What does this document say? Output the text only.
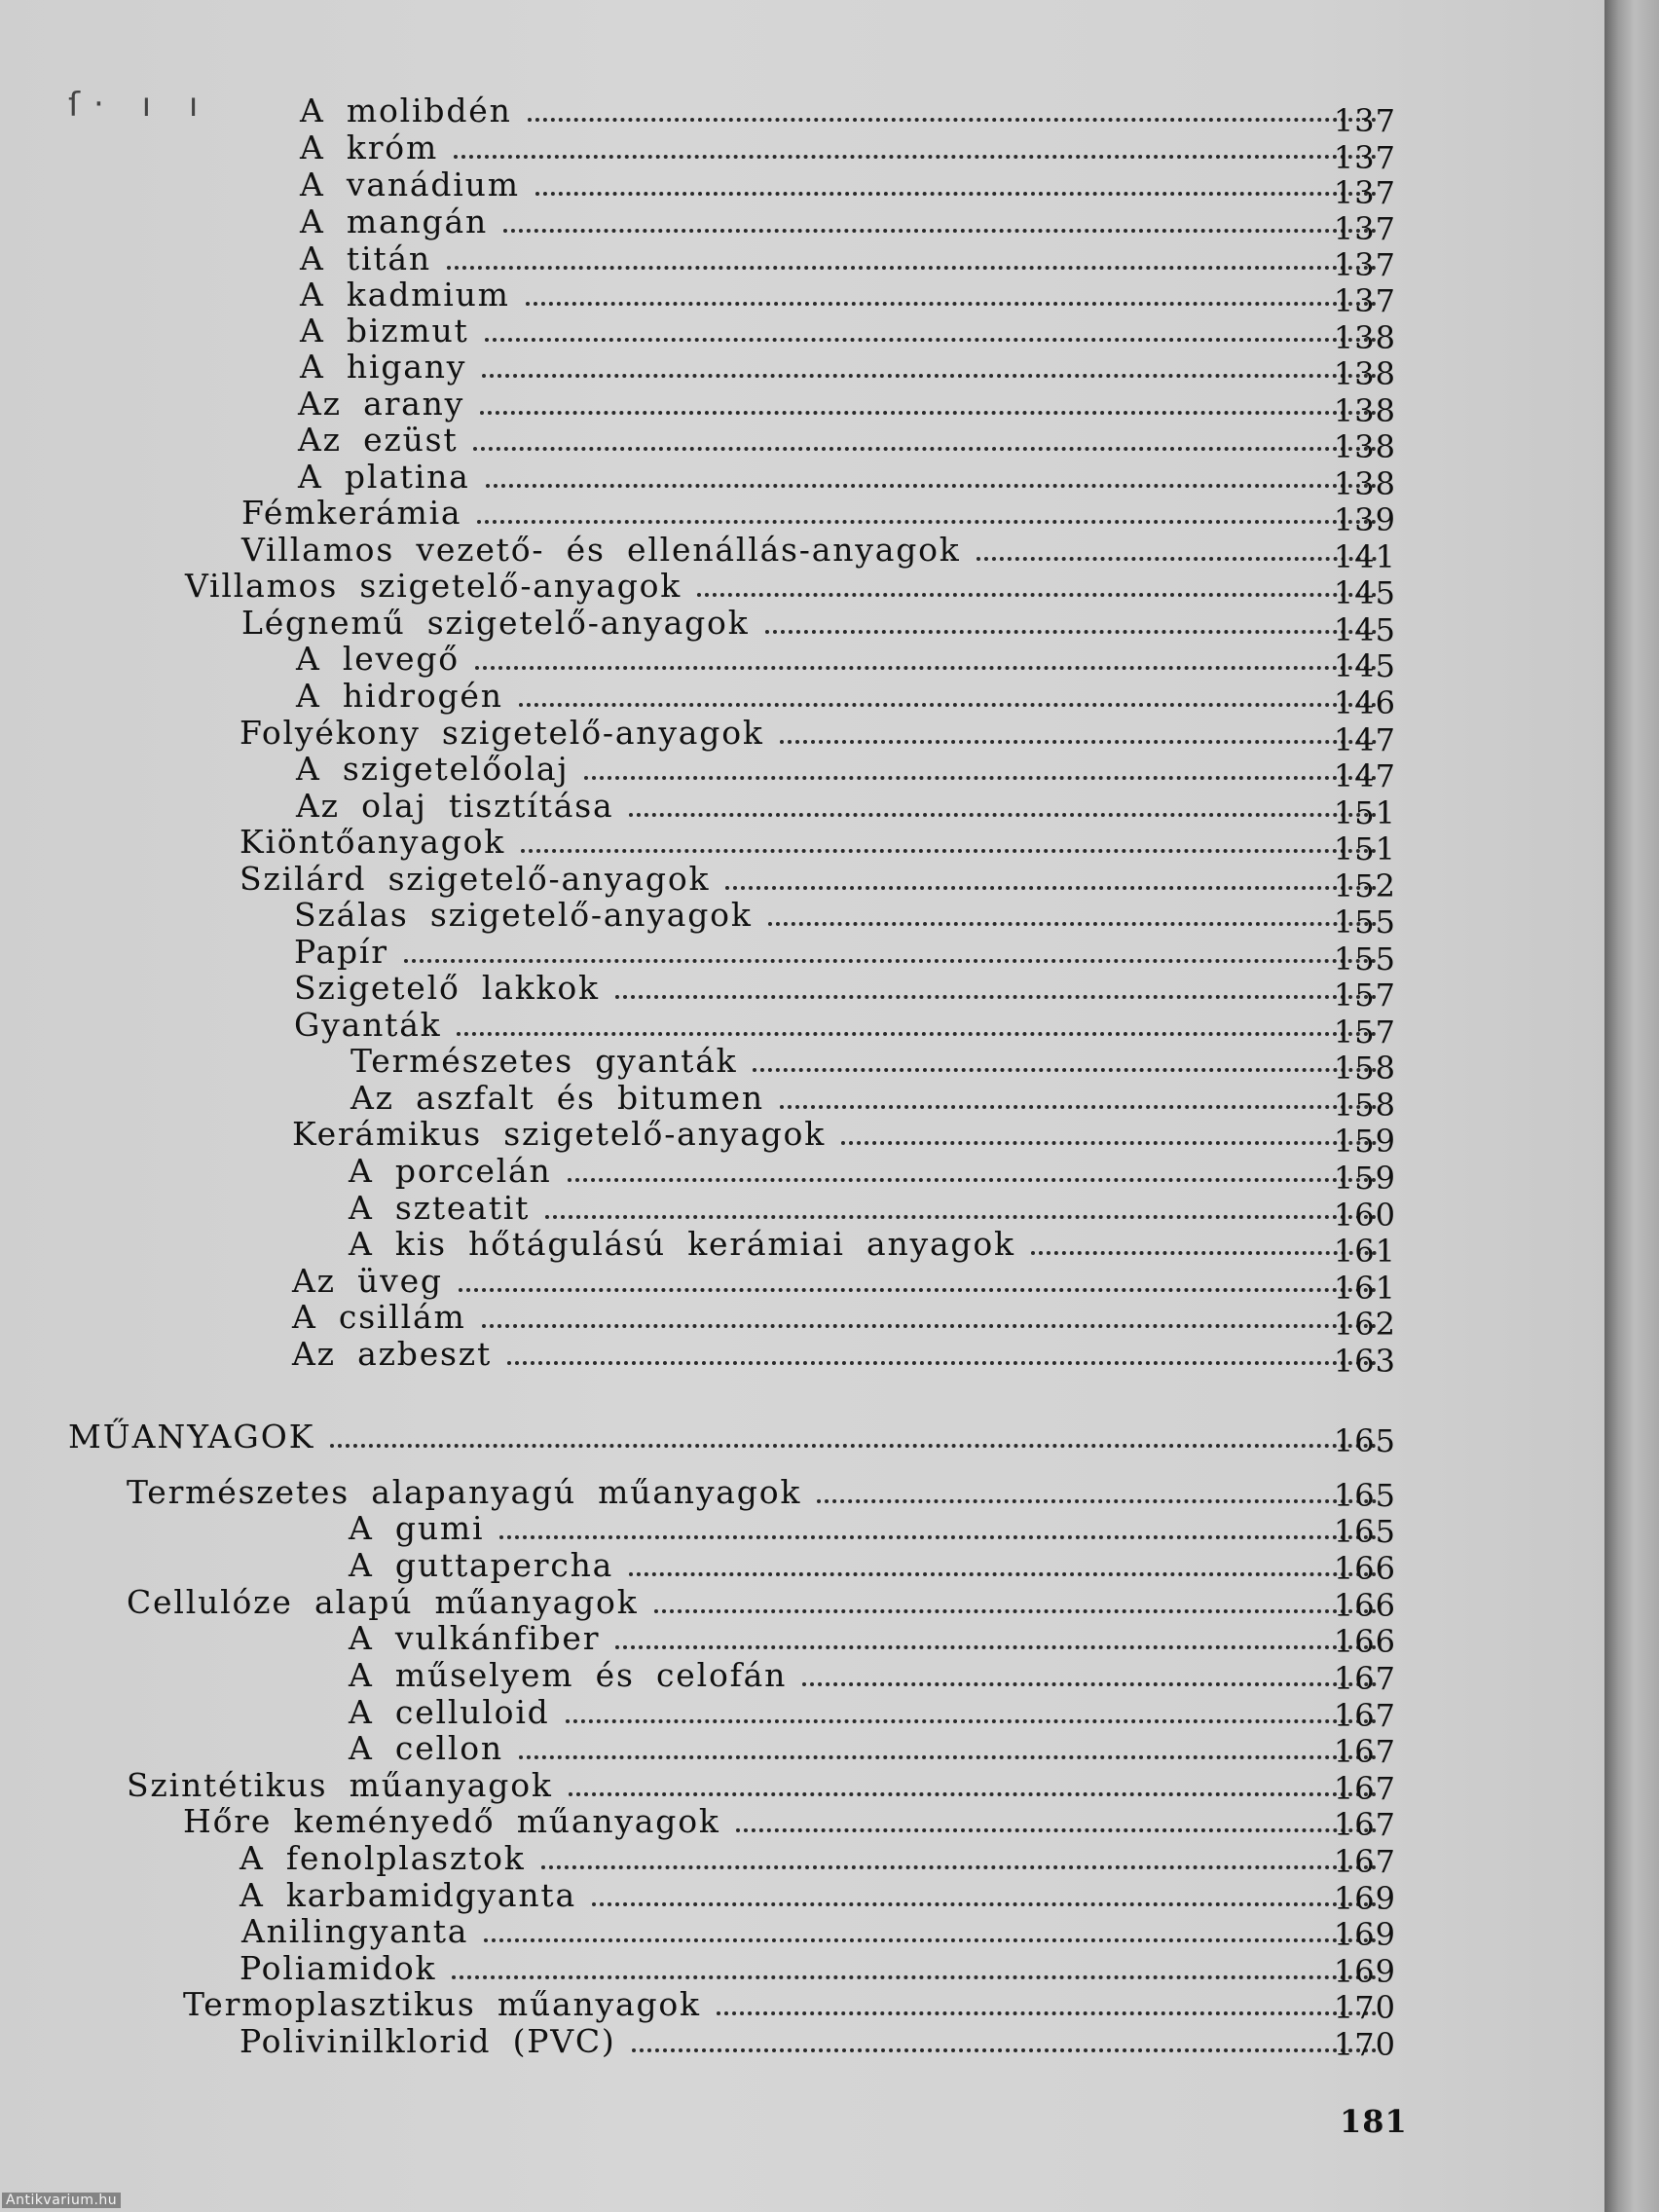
ſ‧ ı ı	A molibdén	137
A króm	137
A vanádium	137
A mangán	137
A titán	137
A kadmium	137
A bizmut	138
A higany	138
Az arany	138
Az ezüst	138
A platina	138
Fémkerámia	139
Villamos vezető- és ellenállás-anyagok	141
Villamos szigetelő-anyagok	145
Légnemű szigetelő-anyagok	145
A levegő	145
A hidrogén	146
Folyékony szigetelő-anyagok	147
A szigetelőolaj	147
Az olaj tisztítása	151
Kiöntőanyagok	151
Szilárd szigetelő-anyagok	152
Szálas szigetelő-anyagok	155
Papír	155
Szigetelő lakkok	157
Gyanták	157
Természetes gyanták	158
Az aszfalt és bitumen	158
Kerámikus szigetelő-anyagok	159
A porcelán	159
A szteatit	160
A kis hőtágulású kerámiai anyagok	161
Az üveg	161
A csillám	162
Az azbeszt	163
MŰANYAGOK	165
Természetes alapanyagú műanyagok	165
A gumi	165
A guttapercha	166
Cellulóze alapú műanyagok	166
A vulkánfiber	166
A műselyem és celofán	167
A celluloid	167
A cellon	167
Szintétikus műanyagok	167
Hőre keményedő műanyagok	167
A fenolplasztok	167
A karbamidgyanta	169
Anilingyanta	169
Poliamidok	169
Termoplasztikus műanyagok	170
Polivinilklorid (PVC)	170
181
Antikvarium.hu
